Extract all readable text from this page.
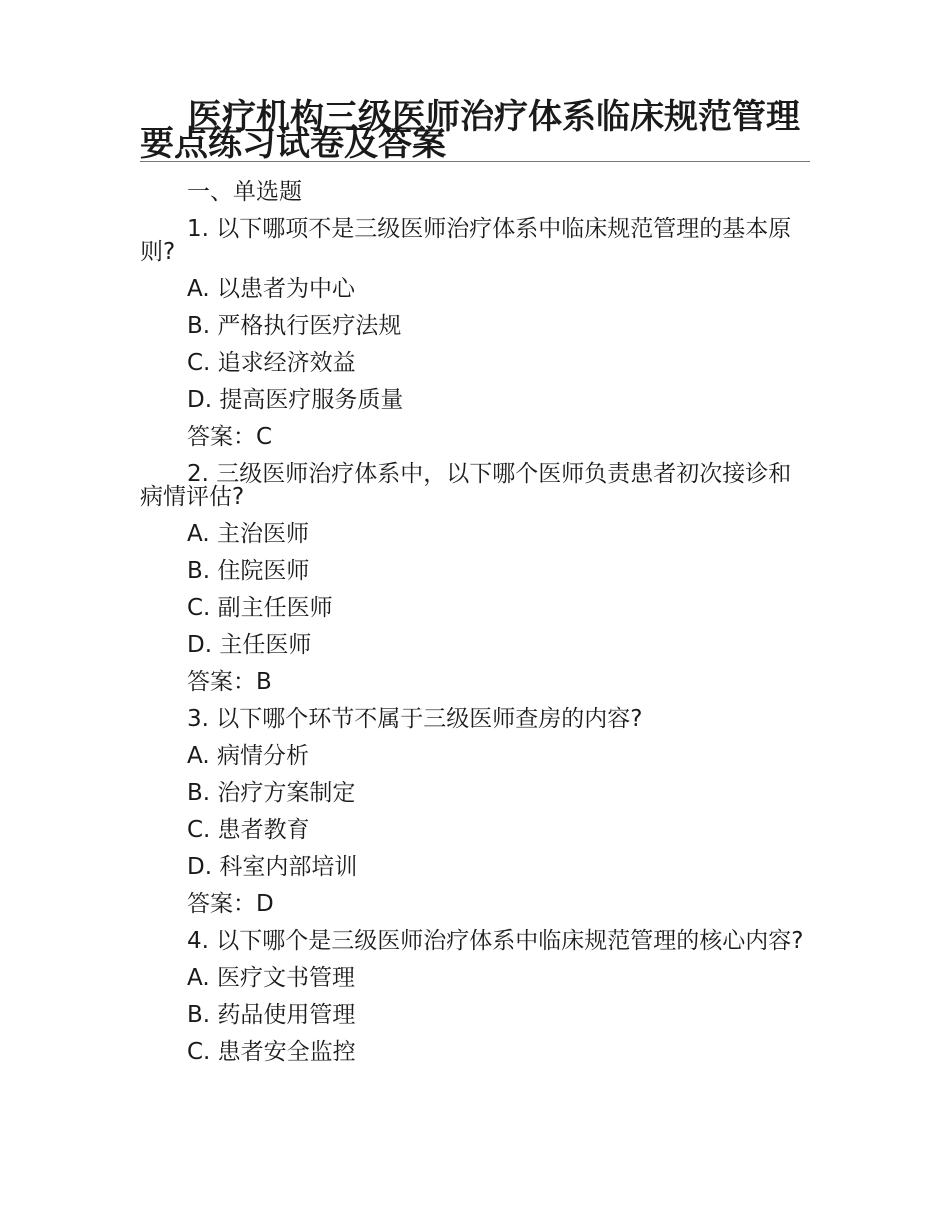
医疗机构三级医师治疗体系临床规范管理要点练习试卷及答案

一、单选题

1. 以下哪项不是三级医师治疗体系中临床规范管理的基本原则?

A. 以患者为中心

B. 严格执行医疗法规

C. 追求经济效益

D. 提高医疗服务质量

答案：C

2. 三级医师治疗体系中，以下哪个医师负责患者初次接诊和病情评估?

A. 主治医师

B. 住院医师

C. 副主任医师

D. 主任医师

答案：B

3. 以下哪个环节不属于三级医师查房的内容?

A. 病情分析

B. 治疗方案制定

C. 患者教育

D. 科室内部培训

答案：D

4. 以下哪个是三级医师治疗体系中临床规范管理的核心内容?

A. 医疗文书管理

B. 药品使用管理

C. 患者安全监控
